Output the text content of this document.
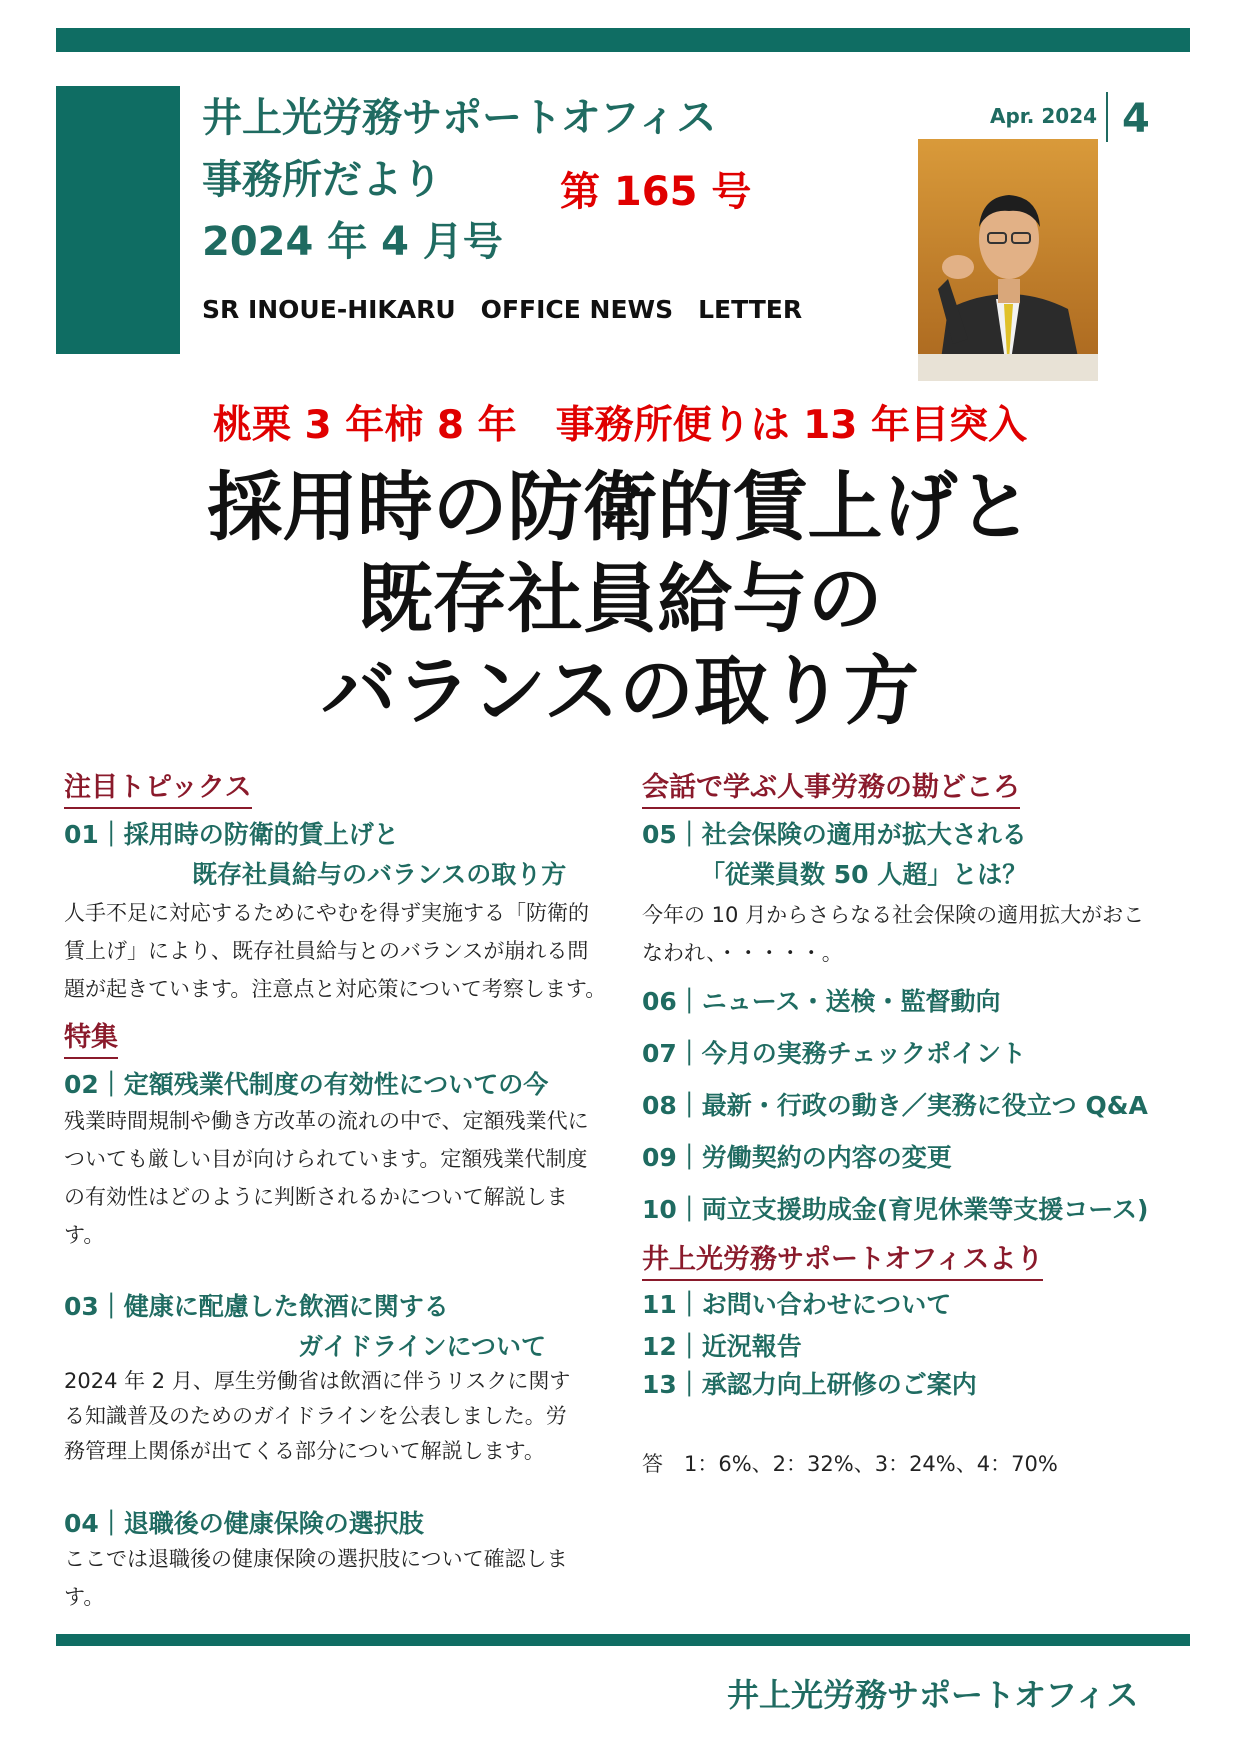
井上光労務サポートオフィス
事務所だより	第 165 号
2024 年 4 月号
SR INOUE-HIKARU　OFFICE NEWS　LETTER
Apr. 2024 4
桃栗 3 年柿 8 年　事務所便りは 13 年目突入
採用時の防衛的賃上げと
既存社員給与の
バランスの取り方
注目トピックス
01｜採用時の防衛的賃上げと
既存社員給与のバランスの取り方
人手不足に対応するためにやむを得ず実施する「防衛的
賃上げ」により、既存社員給与とのバランスが崩れる問
題が起きています。注意点と対応策について考察します。
特集
02｜定額残業代制度の有効性についての今
残業時間規制や働き方改革の流れの中で、定額残業代に
ついても厳しい目が向けられています。定額残業代制度
の有効性はどのように判断されるかについて解説しま
す。
03｜健康に配慮した飲酒に関する
ガイドラインについて
2024 年 2 月、厚生労働省は飲酒に伴うリスクに関す
る知識普及のためのガイドラインを公表しました。労
務管理上関係が出てくる部分について解説します。
04｜退職後の健康保険の選択肢
ここでは退職後の健康保険の選択肢について確認しま
す。
会話で学ぶ人事労務の勘どころ
05｜社会保険の適用が拡大される
「従業員数 50 人超」とは？
今年の 10 月からさらなる社会保険の適用拡大がおこ
なわれ、・・・・・。
06｜ニュース・送検・監督動向
07｜今月の実務チェックポイント
08｜最新・行政の動き／実務に役立つ Q&A
09｜労働契約の内容の変更
10｜両立支援助成金(育児休業等支援コース)
井上光労務サポートオフィスより
11｜お問い合わせについて
12｜近況報告
13｜承認力向上研修のご案内
答　1：6%、2：32%、3：24%、4：70%
井上光労務サポートオフィス
